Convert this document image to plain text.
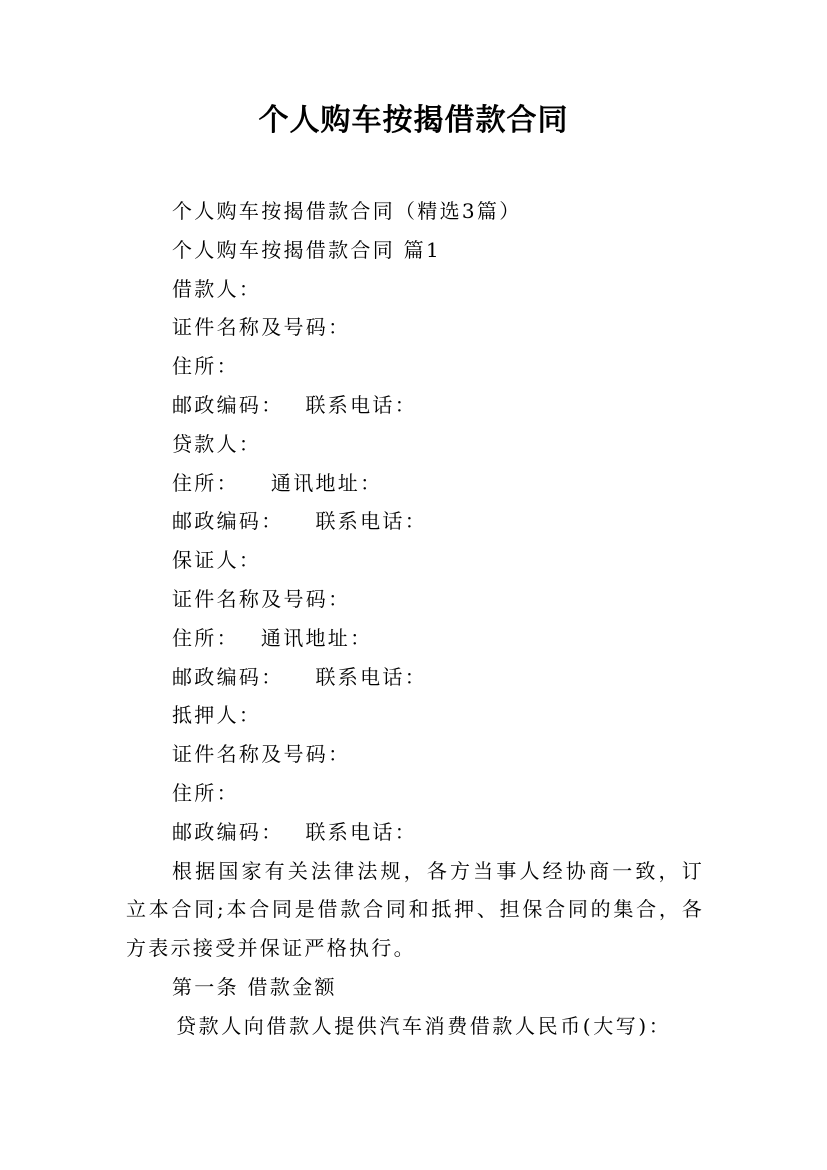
个人购车按揭借款合同

个人购车按揭借款合同（精选3篇）

个人购车按揭借款合同 篇1

借款人：

证件名称及号码：

住所：

邮政编码： 联系电话：

贷款人：

住所： 通讯地址：

邮政编码： 联系电话：

保证人：

证件名称及号码：

住所： 通讯地址：

邮政编码： 联系电话：

抵押人：

证件名称及号码：

住所：

邮政编码： 联系电话：

根据国家有关法律法规，各方当事人经协商一致，订立本合同;本合同是借款合同和抵押、担保合同的集合，各方表示接受并保证严格执行。

第一条 借款金额

贷款人向借款人提供汽车消费借款人民币(大写)：
